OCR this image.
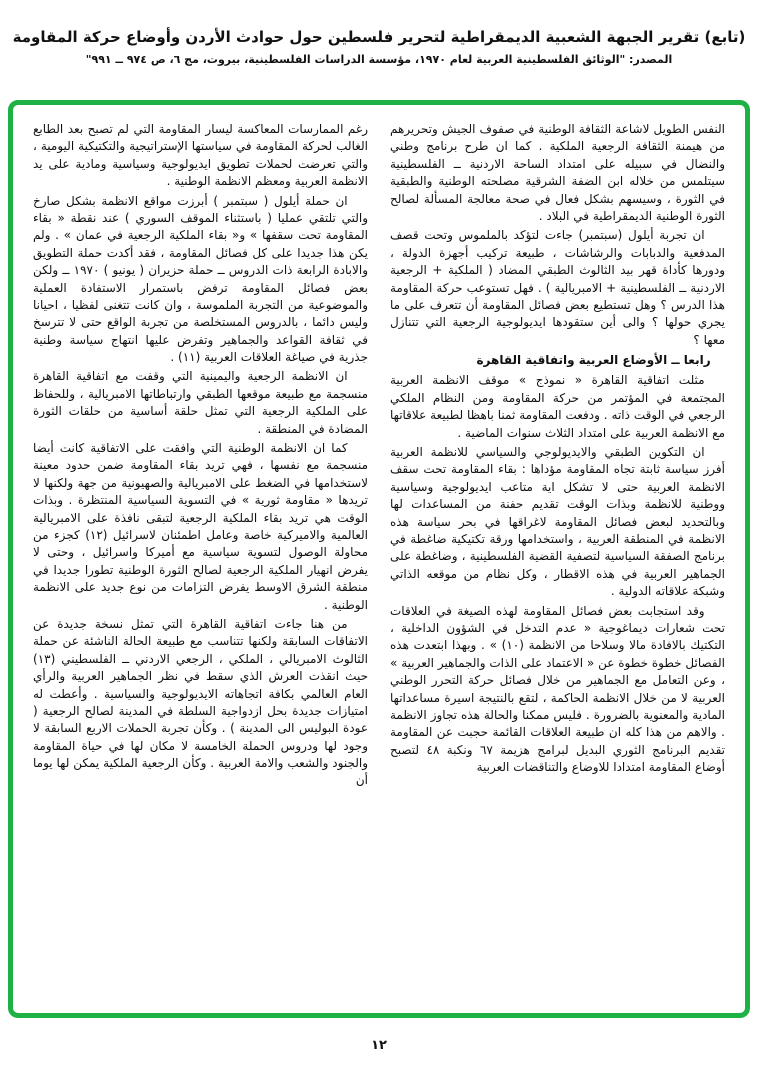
(تابع) تقرير الجبهة الشعبية الديمقراطية لتحرير فلسطين حول حوادث الأردن وأوضاع حركة المقاومة
المصدر: "الوثائق الفلسطينية العربية لعام ١٩٧٠، مؤسسة الدراسات الفلسطينية، بيروت، مج ٦، ص ٩٧٤ ــ ٩٩١"

النفس الطويل لاشاعة الثقافة الوطنية في صفوف الجيش وتحريرهم من هيمنة الثقافة الرجعية الملكية . كما ان طرح برنامج وطني والنضال في سبيله على امتداد الساحة الاردنية ــ الفلسطينية سيتلمس من خلاله ابن الضفة الشرقية مصلحته الوطنية والطبقية في الثورة ، وسيسهم بشكل فعال في صحة معالجة المسألة لصالح الثورة الوطنية الديمقراطية في البلاد .

ان تجربة أيلول (سبتمبر) جاءت لتؤكد بالملموس وتحت قصف المدفعية والدبابات والرشاشات ، طبيعة تركيب أجهزة الدولة ، ودورها كأداة قهر بيد الثالوث الطبقي المضاد ( الملكية + الرجعية الاردنية ــ الفلسطينية + الامبريالية ) . فهل تستوعب حركة المقاومة هذا الدرس ؟ وهل تستطيع بعض فصائل المقاومة أن تتعرف على ما يجري حولها ؟ والى أين ستقودها ايديولوجية الرجعية التي تتنازل معها ؟

رابعا ــ الأوضاع العربية واتفاقية القاهرة

مثلت اتفاقية القاهرة « نموذج » موقف الانظمة العربية المجتمعة في المؤتمر من حركة المقاومة ومن النظام الملكي الرجعي في الوقت ذاته . ودفعت المقاومة ثمنا باهظا لطبيعة علاقاتها مع الانظمة العربية على امتداد الثلاث سنوات الماضية .

ان التكوين الطبقي والايديولوجي والسياسي للانظمة العربية أفرز سياسة ثابتة تجاه المقاومة مؤداها : بقاء المقاومة تحت سقف الانظمة العربية حتى لا تشكل اية متاعب ايديولوجية وسياسية ووطنية للانظمة وبذات الوقت تقديم حفنة من المساعدات لها وبالتحديد لبعض فصائل المقاومة لاغراقها في بحر سياسة هذه الانظمة في المنطقة العربية ، واستخدامها ورقة تكتيكية ضاغطة في برنامج الصفقة السياسية لتصفية القضية الفلسطينية ، وضاغطة على الجماهير العربية في هذه الاقطار ، وكل نظام من موقعه الذاتي وشبكة علاقاته الدولية .

وقد استجابت بعض فصائل المقاومة لهذه الصيغة في العلاقات تحت شعارات ديماغوجية « عدم التدخل في الشؤون الداخلية ، التكتيك بالافادة مالا وسلاحا من الانظمة (١٠) » . وبهذا ابتعدت هذه الفصائل خطوة خطوة عن « الاعتماد على الذات والجماهير العربية » ، وعن التعامل مع الجماهير من خلال فصائل حركة التحرر الوطني العربية لا من خلال الانظمة الحاكمة ، لتقع بالنتيجة اسيرة مساعداتها المادية والمعنوية بالضرورة . فليس ممكنا والحالة هذه تجاوز الانظمة . والاهم من هذا كله ان طبيعة العلاقات القائمة حجبت عن المقاومة تقديم البرنامج الثوري البديل لبرامج هزيمة ٦٧ ونكبة ٤٨ لتصبح أوضاع المقاومة امتدادا للاوضاع والتناقضات العربية

رغم الممارسات المعاكسة ليسار المقاومة التي لم تصبح بعد الطابع الغالب لحركة المقاومة في سياستها الإستراتيجية والتكتيكية اليومية ، والتي تعرضت لحملات تطويق ايديولوجية وسياسية ومادية على يد الانظمة العربية ومعظم الانظمة الوطنية .

ان حملة أيلول ( سبتمبر ) أبرزت مواقع الانظمة بشكل صارخ والتي تلتقي عمليا ( باستثناء الموقف السوري ) عند نقطة « بقاء المقاومة تحت سقفها » و« بقاء الملكية الرجعية في عمان » . ولم يكن هذا جديدا على كل فصائل المقاومة ، فقد أكدت حملة التطويق والابادة الرابعة ذات الدروس ــ حملة حزيران ( يونيو ) ١٩٧٠ ــ ولكن بعض فصائل المقاومة ترفض باستمرار الاستفادة العملية والموضوعية من التجربة الملموسة ، وان كانت تتغنى لفظيا ، احيانا وليس دائما ، بالدروس المستخلصة من تجربة الواقع حتى لا تترسخ في ثقافة القواعد والجماهير وتفرض عليها انتهاج سياسة وطنية جذرية في صياغة العلاقات العربية (١١) .

ان الانظمة الرجعية واليمينية التي وقفت مع اتفاقية القاهرة منسجمة مع طبيعة موقعها الطبقي وارتباطاتها الامبريالية ، وللحفاظ على الملكية الرجعية التي تمثل حلقة أساسية من حلقات الثورة المضادة في المنطقة .

كما ان الانظمة الوطنية التي وافقت على الاتفاقية كانت أيضا منسجمة مع نفسها ، فهي تريد بقاء المقاومة ضمن حدود معينة لاستخدامها في الضغط على الامبريالية والصهيونية من جهة ولكنها لا تريدها « مقاومة ثورية » في التسوية السياسية المنتظرة . وبذات الوقت هي تريد بقاء الملكية الرجعية لتبقى نافذة على الامبريالية العالمية والاميركية خاصة وعامل اطمئنان لاسرائيل (١٢) كجزء من محاولة الوصول لتسوية سياسية مع أميركا واسرائيل ، وحتى لا يفرض انهيار الملكية الرجعية لصالح الثورة الوطنية تطورا جديدا في منطقة الشرق الاوسط يفرض التزامات من نوع جديد على الانظمة الوطنية .

من هنا جاءت اتفاقية القاهرة التي تمثل نسخة جديدة عن الاتفاقات السابقة ولكنها تتناسب مع طبيعة الحالة الناشئة عن حملة الثالوث الامبريالي ، الملكي ، الرجعي الاردني ــ الفلسطيني (١٣) حيث انقذت العرش الذي سقط في نظر الجماهير العربية والرأي العام العالمي بكافة اتجاهاته الايديولوجية والسياسية . وأعطت له امتيازات جديدة بحل ازدواجية السلطة في المدينة لصالح الرجعية ( عودة البوليس الى المدينة ) . وكأن تجربة الحملات الاربع السابقة لا وجود لها ودروس الحملة الخامسة لا مكان لها في حياة المقاومة والجنود والشعب والامة العربية . وكأن الرجعية الملكية يمكن لها يوما أن

١٢
